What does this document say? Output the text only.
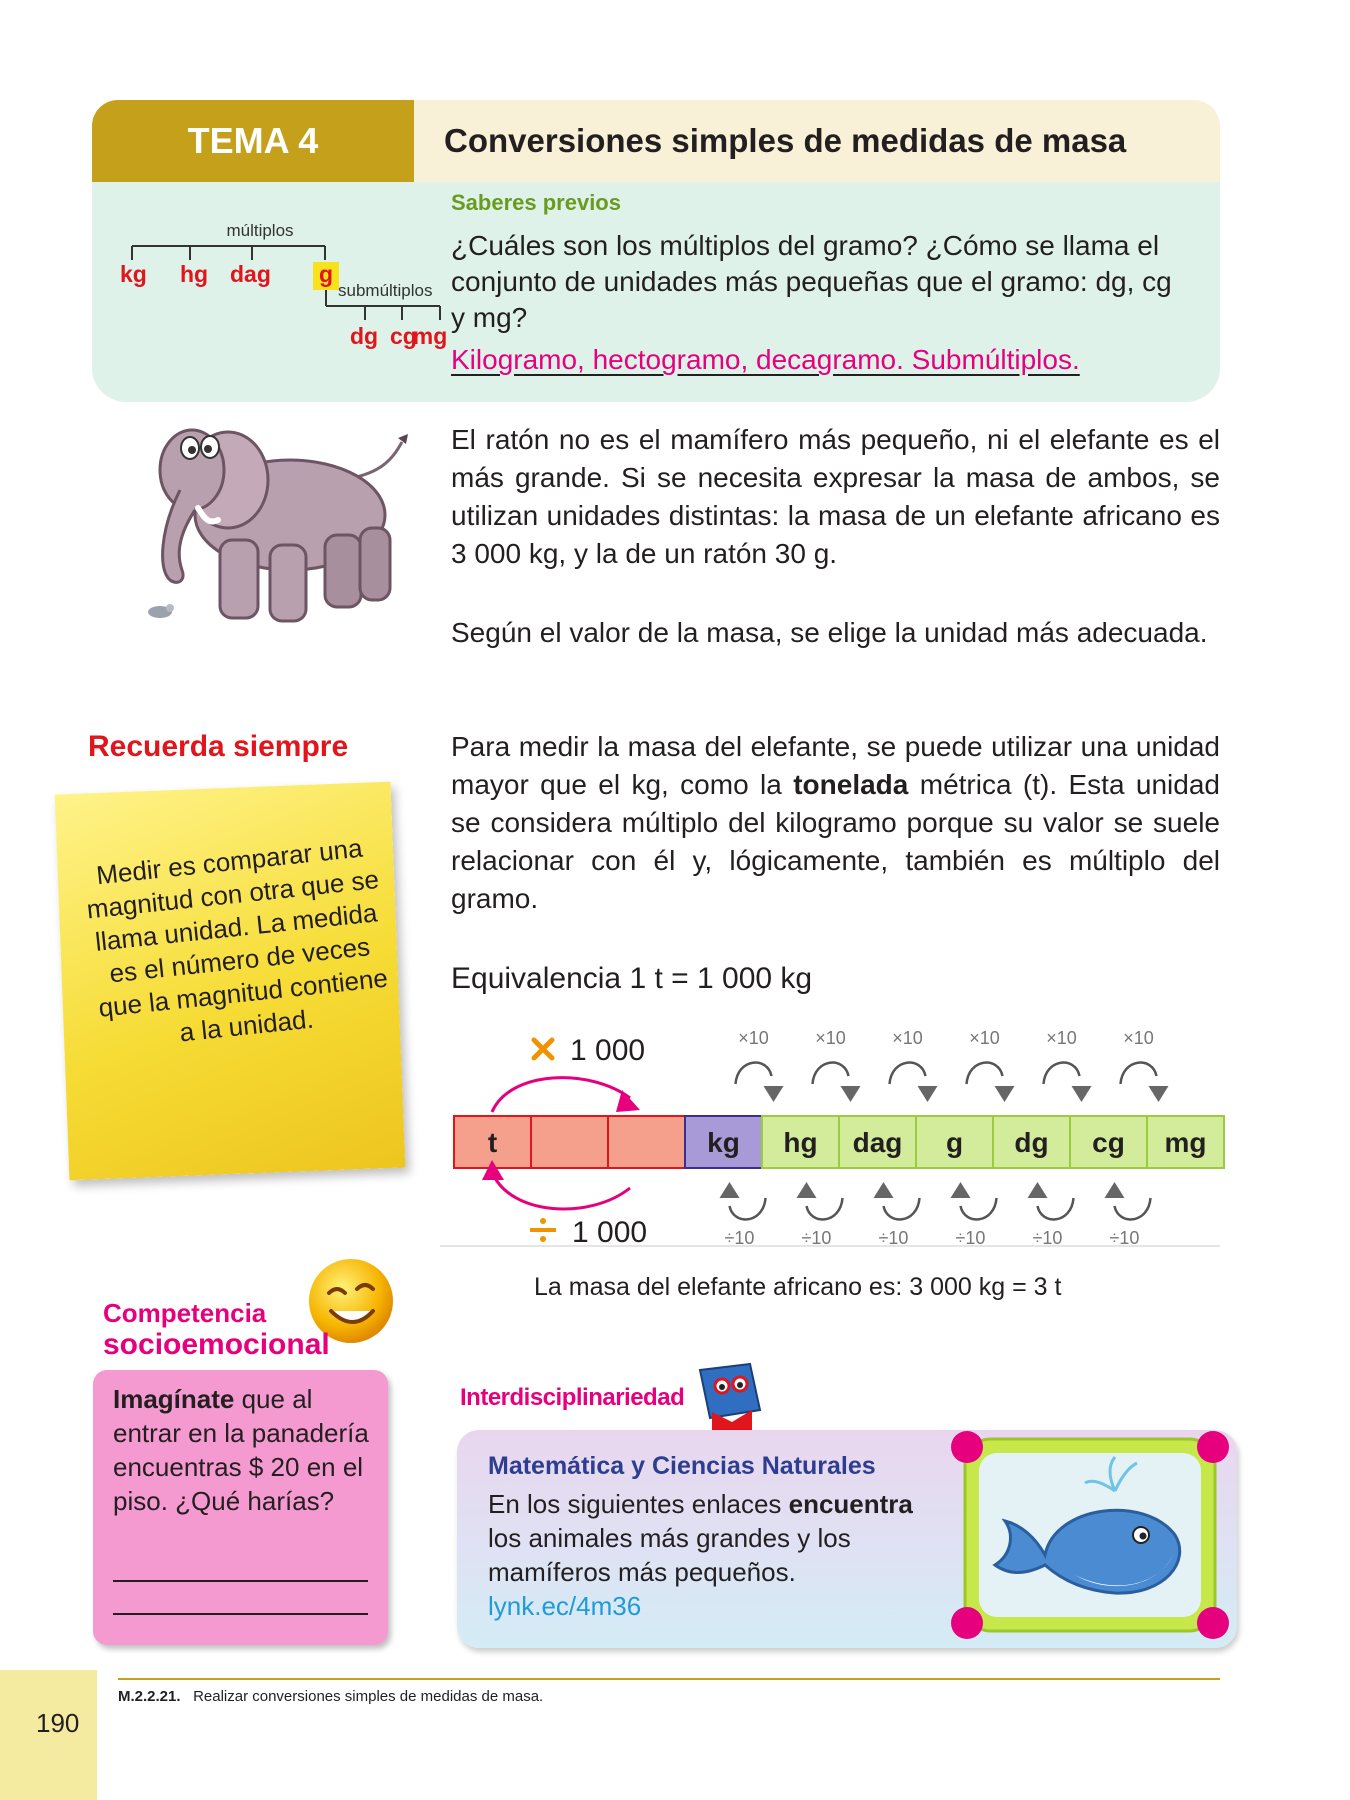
TEMA 4	Conversiones simples de medidas de masa
múltiplos
kg hg dag g
submúltiplos
dg cg
mg
Saberes previos
¿Cuáles son los múltiplos del gramo? ¿Cómo se llama el conjunto de unidades más pequeñas que el gramo: dg, cg y mg?
Kilogramo, hectogramo, decagramo. Submúltiplos.
El ratón no es el mamífero más pequeño, ni el elefante es el más grande. Si se necesita expresar la masa de ambos, se utilizan unidades distintas: la masa de un elefante africano es 3 000 kg, y la de un ratón 30 g.
Según el valor de la masa, se elige la unidad más adecuada.
Para medir la masa del elefante, se puede utilizar una unidad mayor que el kg, como la tonelada métrica (t). Esta unidad se considera múltiplo del kilogramo porque su valor se suele relacionar con él y, lógicamente, también es múltiplo del gramo.
Equivalencia 1 t = 1 000 kg
Recuerda siempre
Medir es comparar una magnitud con otra que se llama unidad. La medida es el número de veces que la magnitud contiene a la unidad.
1 000
t	kg hg dag g dg cg mg
1 000
×10
÷10
×10
÷10
×10
÷10
×10
÷10
×10
÷10
×10
÷10
La masa del elefante africano es: 3 000 kg = 3 t
Competencia
socioemocional
Imagínate que al entrar en la panadería encuentras $ 20 en el piso. ¿Qué harías?
Interdisciplinariedad
Matemática y Ciencias Naturales
En los siguientes enlaces encuentra los animales más grandes y los mamíferos más pequeños. lynk.ec/4m36
M.2.2.21. Realizar conversiones simples de medidas de masa.
190
